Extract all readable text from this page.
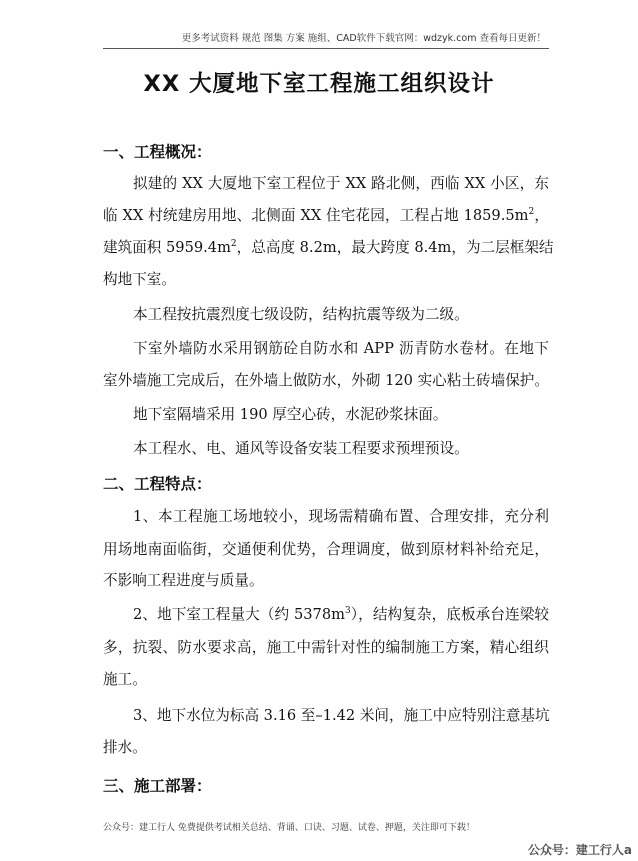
更多考试资料 规范 图集 方案 施组、CAD软件下载官网：wdzyk.com 查看每日更新！
XX 大厦地下室工程施工组织设计
一、工程概况：
拟建的 XX 大厦地下室工程位于 XX 路北侧，西临 XX 小区，东
临 XX 村统建房用地、北侧面 XX 住宅花园，工程占地 $1859.5m^2$，
建筑面积 $5959.4m^2$，总高度 8.2m，最大跨度 8.4m，为二层框架结
构地下室。
本工程按抗震烈度七级设防，结构抗震等级为二级。
下室外墙防水采用钢筋砼自防水和 APP 沥青防水卷材。在地下
室外墙施工完成后，在外墙上做防水，外砌 120 实心粘土砖墙保护。
地下室隔墙采用 190 厚空心砖，水泥砂浆抹面。
本工程水、电、通风等设备安装工程要求预埋预设。
二、工程特点：
1、本工程施工场地较小，现场需精确布置、合理安排，充分利
用场地南面临街，交通便利优势，合理调度，做到原材料补给充足，
不影响工程进度与质量。
2、地下室工程量大（约 $5378m^3$），结构复杂，底板承台连梁较
多，抗裂、防水要求高，施工中需针对性的编制施工方案，精心组织
施工。
3、地下水位为标高 3.16 至–1.42 米间，施工中应特别注意基坑
排水。
三、施工部署：
公众号：建工行人 免费提供考试相关总结、背诵、口诀、习题、试卷、押题，关注即可下载！
公众号：建工行人a
